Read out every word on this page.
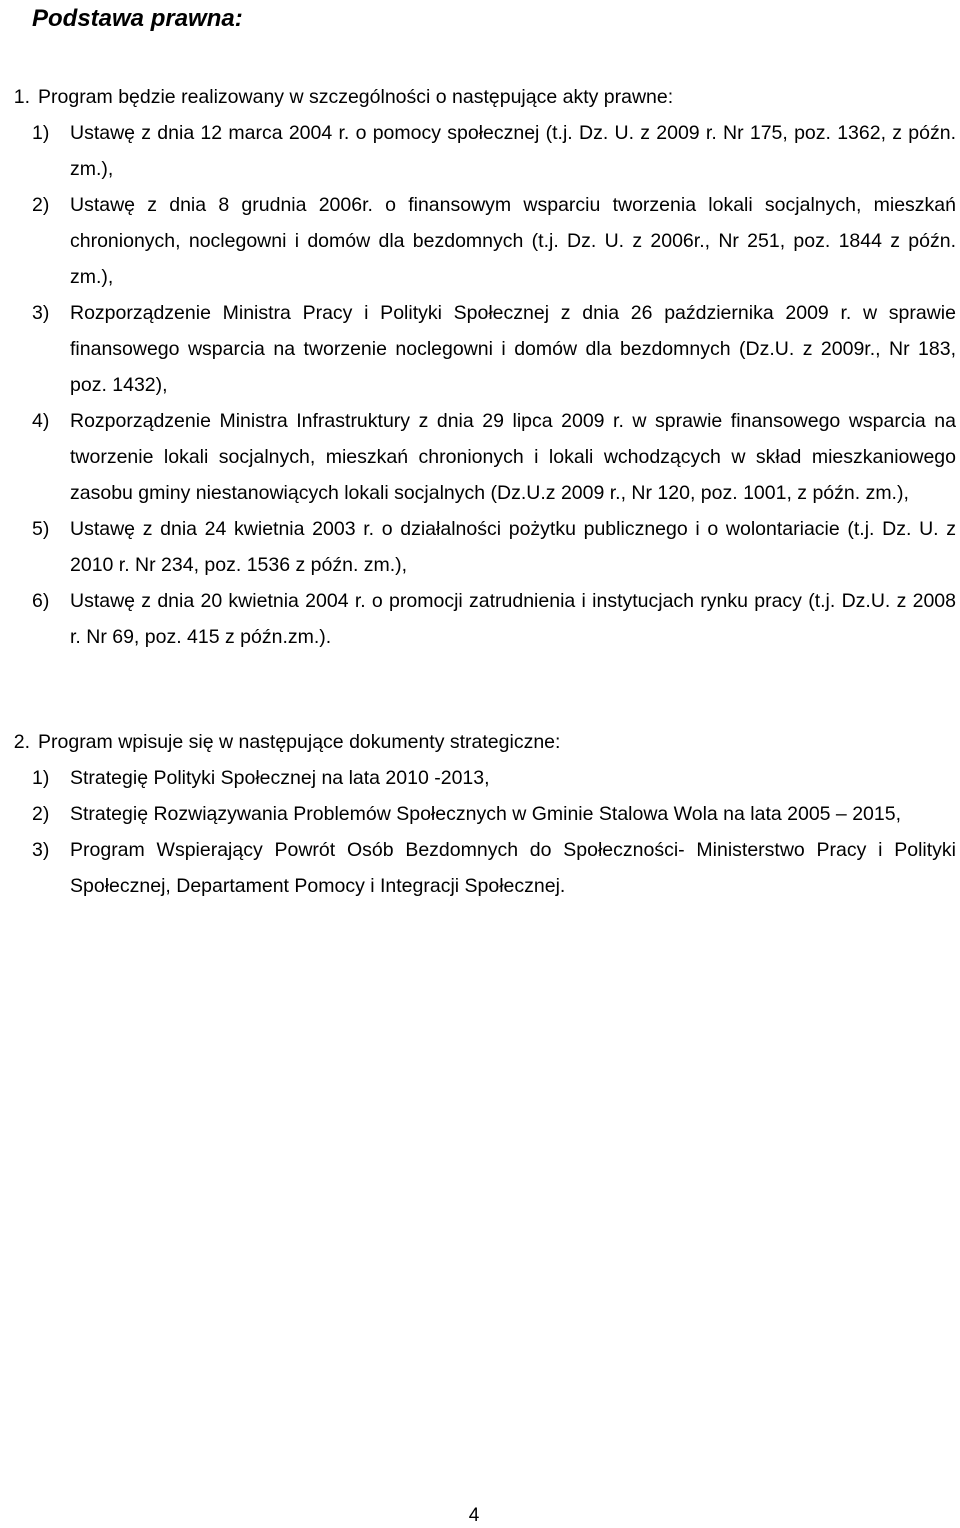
Podstawa prawna:
1. Program będzie realizowany w szczególności o następujące akty prawne:
1)	Ustawę z dnia 12 marca 2004 r. o pomocy społecznej (t.j. Dz. U. z 2009 r. Nr 175, poz. 1362, z późn. zm.),
2)	Ustawę z dnia 8 grudnia 2006r. o finansowym wsparciu tworzenia lokali socjalnych, mieszkań chronionych, noclegowni i domów dla bezdomnych (t.j. Dz. U. z 2006r., Nr 251, poz. 1844 z późn. zm.),
3)	Rozporządzenie Ministra Pracy i Polityki Społecznej z dnia 26 października 2009 r. w sprawie finansowego wsparcia na tworzenie noclegowni i domów dla bezdomnych (Dz.U. z 2009r., Nr 183, poz. 1432),
4)	Rozporządzenie Ministra Infrastruktury z dnia 29 lipca 2009 r. w sprawie finansowego wsparcia na tworzenie lokali socjalnych, mieszkań chronionych i lokali wchodzących w skład mieszkaniowego zasobu gminy niestanowiących lokali socjalnych (Dz.U.z 2009 r., Nr 120, poz. 1001, z późn. zm.),
5)	Ustawę z dnia 24 kwietnia 2003 r. o działalności pożytku publicznego i o wolontariacie (t.j. Dz. U. z 2010 r. Nr 234, poz. 1536 z późn. zm.),
6)	Ustawę z dnia 20 kwietnia 2004 r. o promocji zatrudnienia i instytucjach rynku pracy (t.j. Dz.U. z 2008 r. Nr 69, poz. 415 z późn.zm.).
2. Program wpisuje się w następujące dokumenty strategiczne:
1)	Strategię Polityki Społecznej na lata 2010 -2013,
2)	Strategię Rozwiązywania Problemów Społecznych w Gminie Stalowa Wola na lata 2005 – 2015,
3)	Program Wspierający Powrót Osób Bezdomnych do Społeczności- Ministerstwo Pracy i Polityki Społecznej, Departament Pomocy i Integracji Społecznej.
4
